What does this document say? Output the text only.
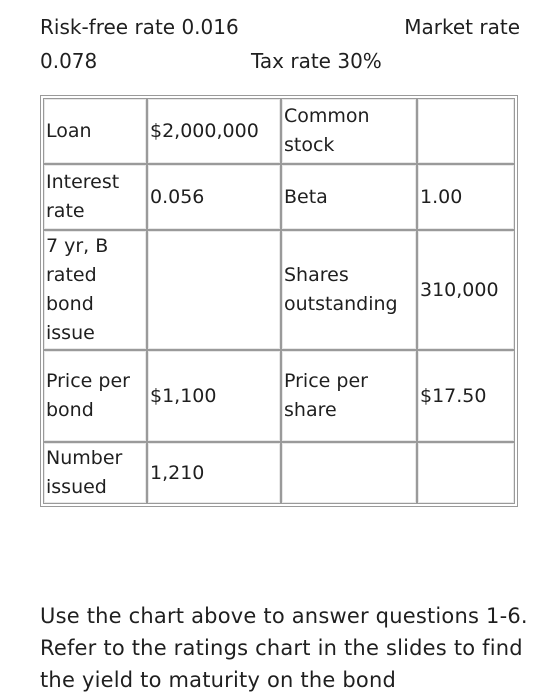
Risk-free rate 0.016	Market rate
0.078	Tax rate 30%
Loan	$2,000,000	Common stock	
Interest rate	0.056	Beta	1.00
7 yr, B rated bond issue		Shares outstanding	310,000
Price per bond	$1,100	Price per share	$17.50
Number issued	1,210		
Use the chart above to answer questions 1-6. Refer to the ratings chart in the slides to find the yield to maturity on the bond
